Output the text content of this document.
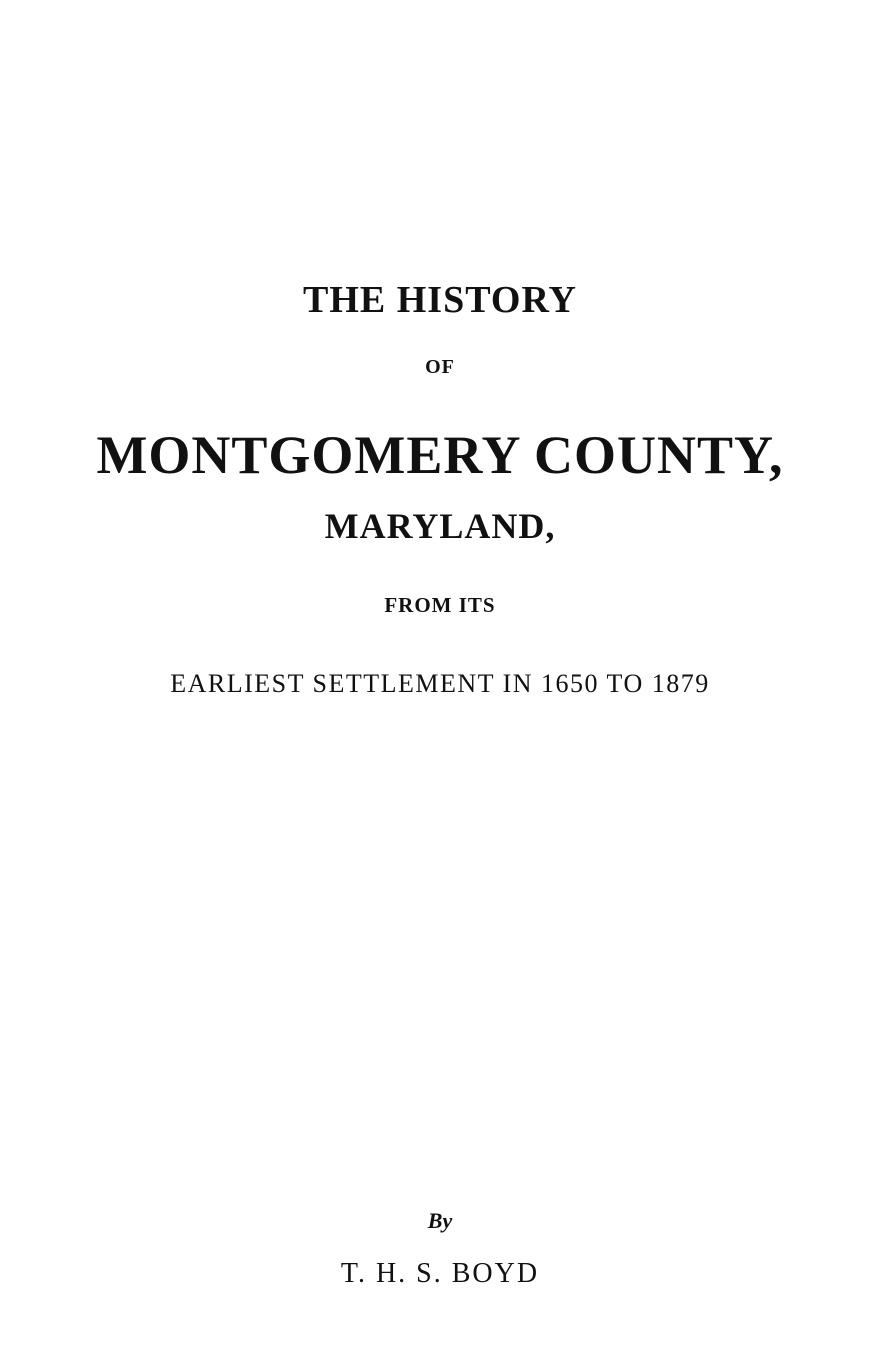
THE HISTORY

OF

MONTGOMERY COUNTY,
MARYLAND,

FROM ITS

EARLIEST SETTLEMENT IN 1650 TO 1879

By

T. H. S. BOYD
